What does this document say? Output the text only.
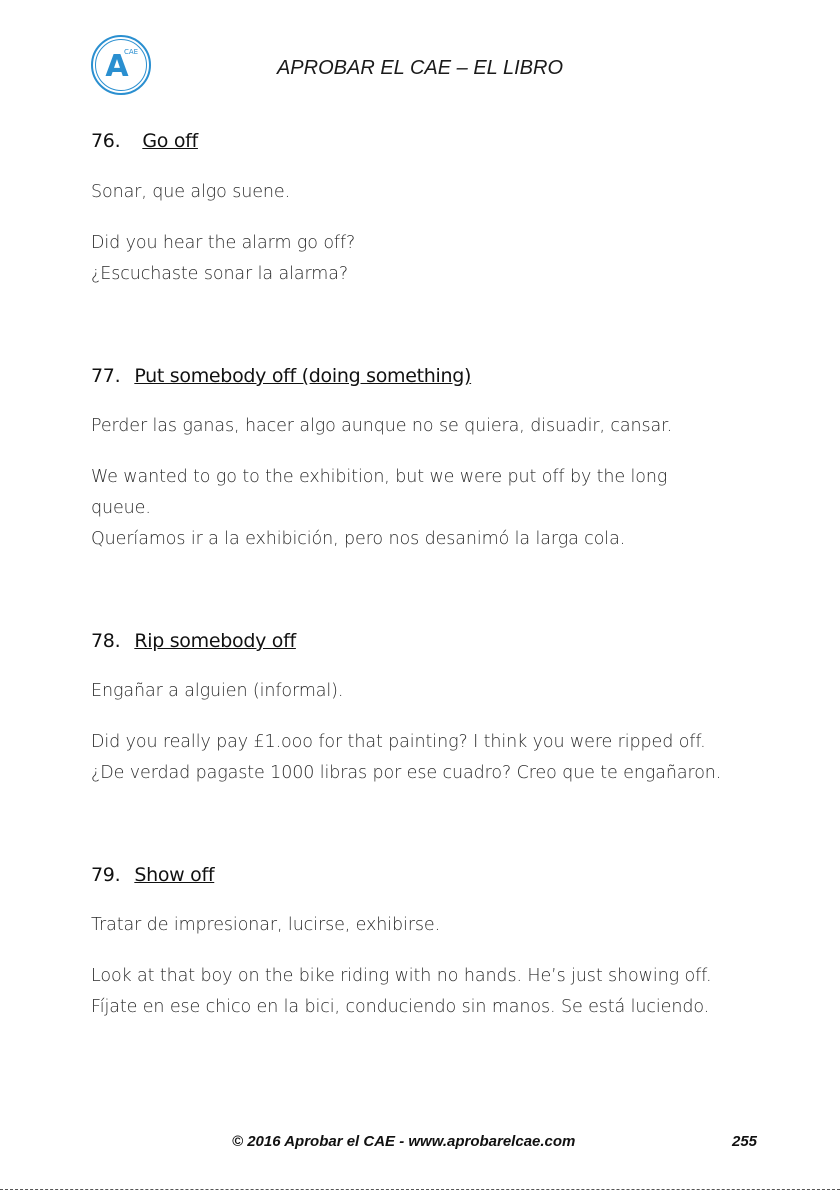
A
CAE
APROBAR EL CAE – EL LIBRO
76. Go off
Sonar, que algo suene.
Did you hear the alarm go off?
¿Escuchaste sonar la alarma?
77. Put somebody off (doing something)
Perder las ganas, hacer algo aunque no se quiera, disuadir, cansar.
We wanted to go to the exhibition, but we were put off by the long queue.
Queríamos ir a la exhibición, pero nos desanimó la larga cola.
78. Rip somebody off
Engañar a alguien (informal).
Did you really pay £1.ooo for that painting? I think you were ripped off.
¿De verdad pagaste 1000 libras por ese cuadro? Creo que te engañaron.
79. Show off
Tratar de impresionar, lucirse, exhibirse.
Look at that boy on the bike riding with no hands. He’s just showing off.
Fíjate en ese chico en la bici, conduciendo sin manos. Se está luciendo.
© 2016 Aprobar el CAE - www.aprobarelcae.com	255
